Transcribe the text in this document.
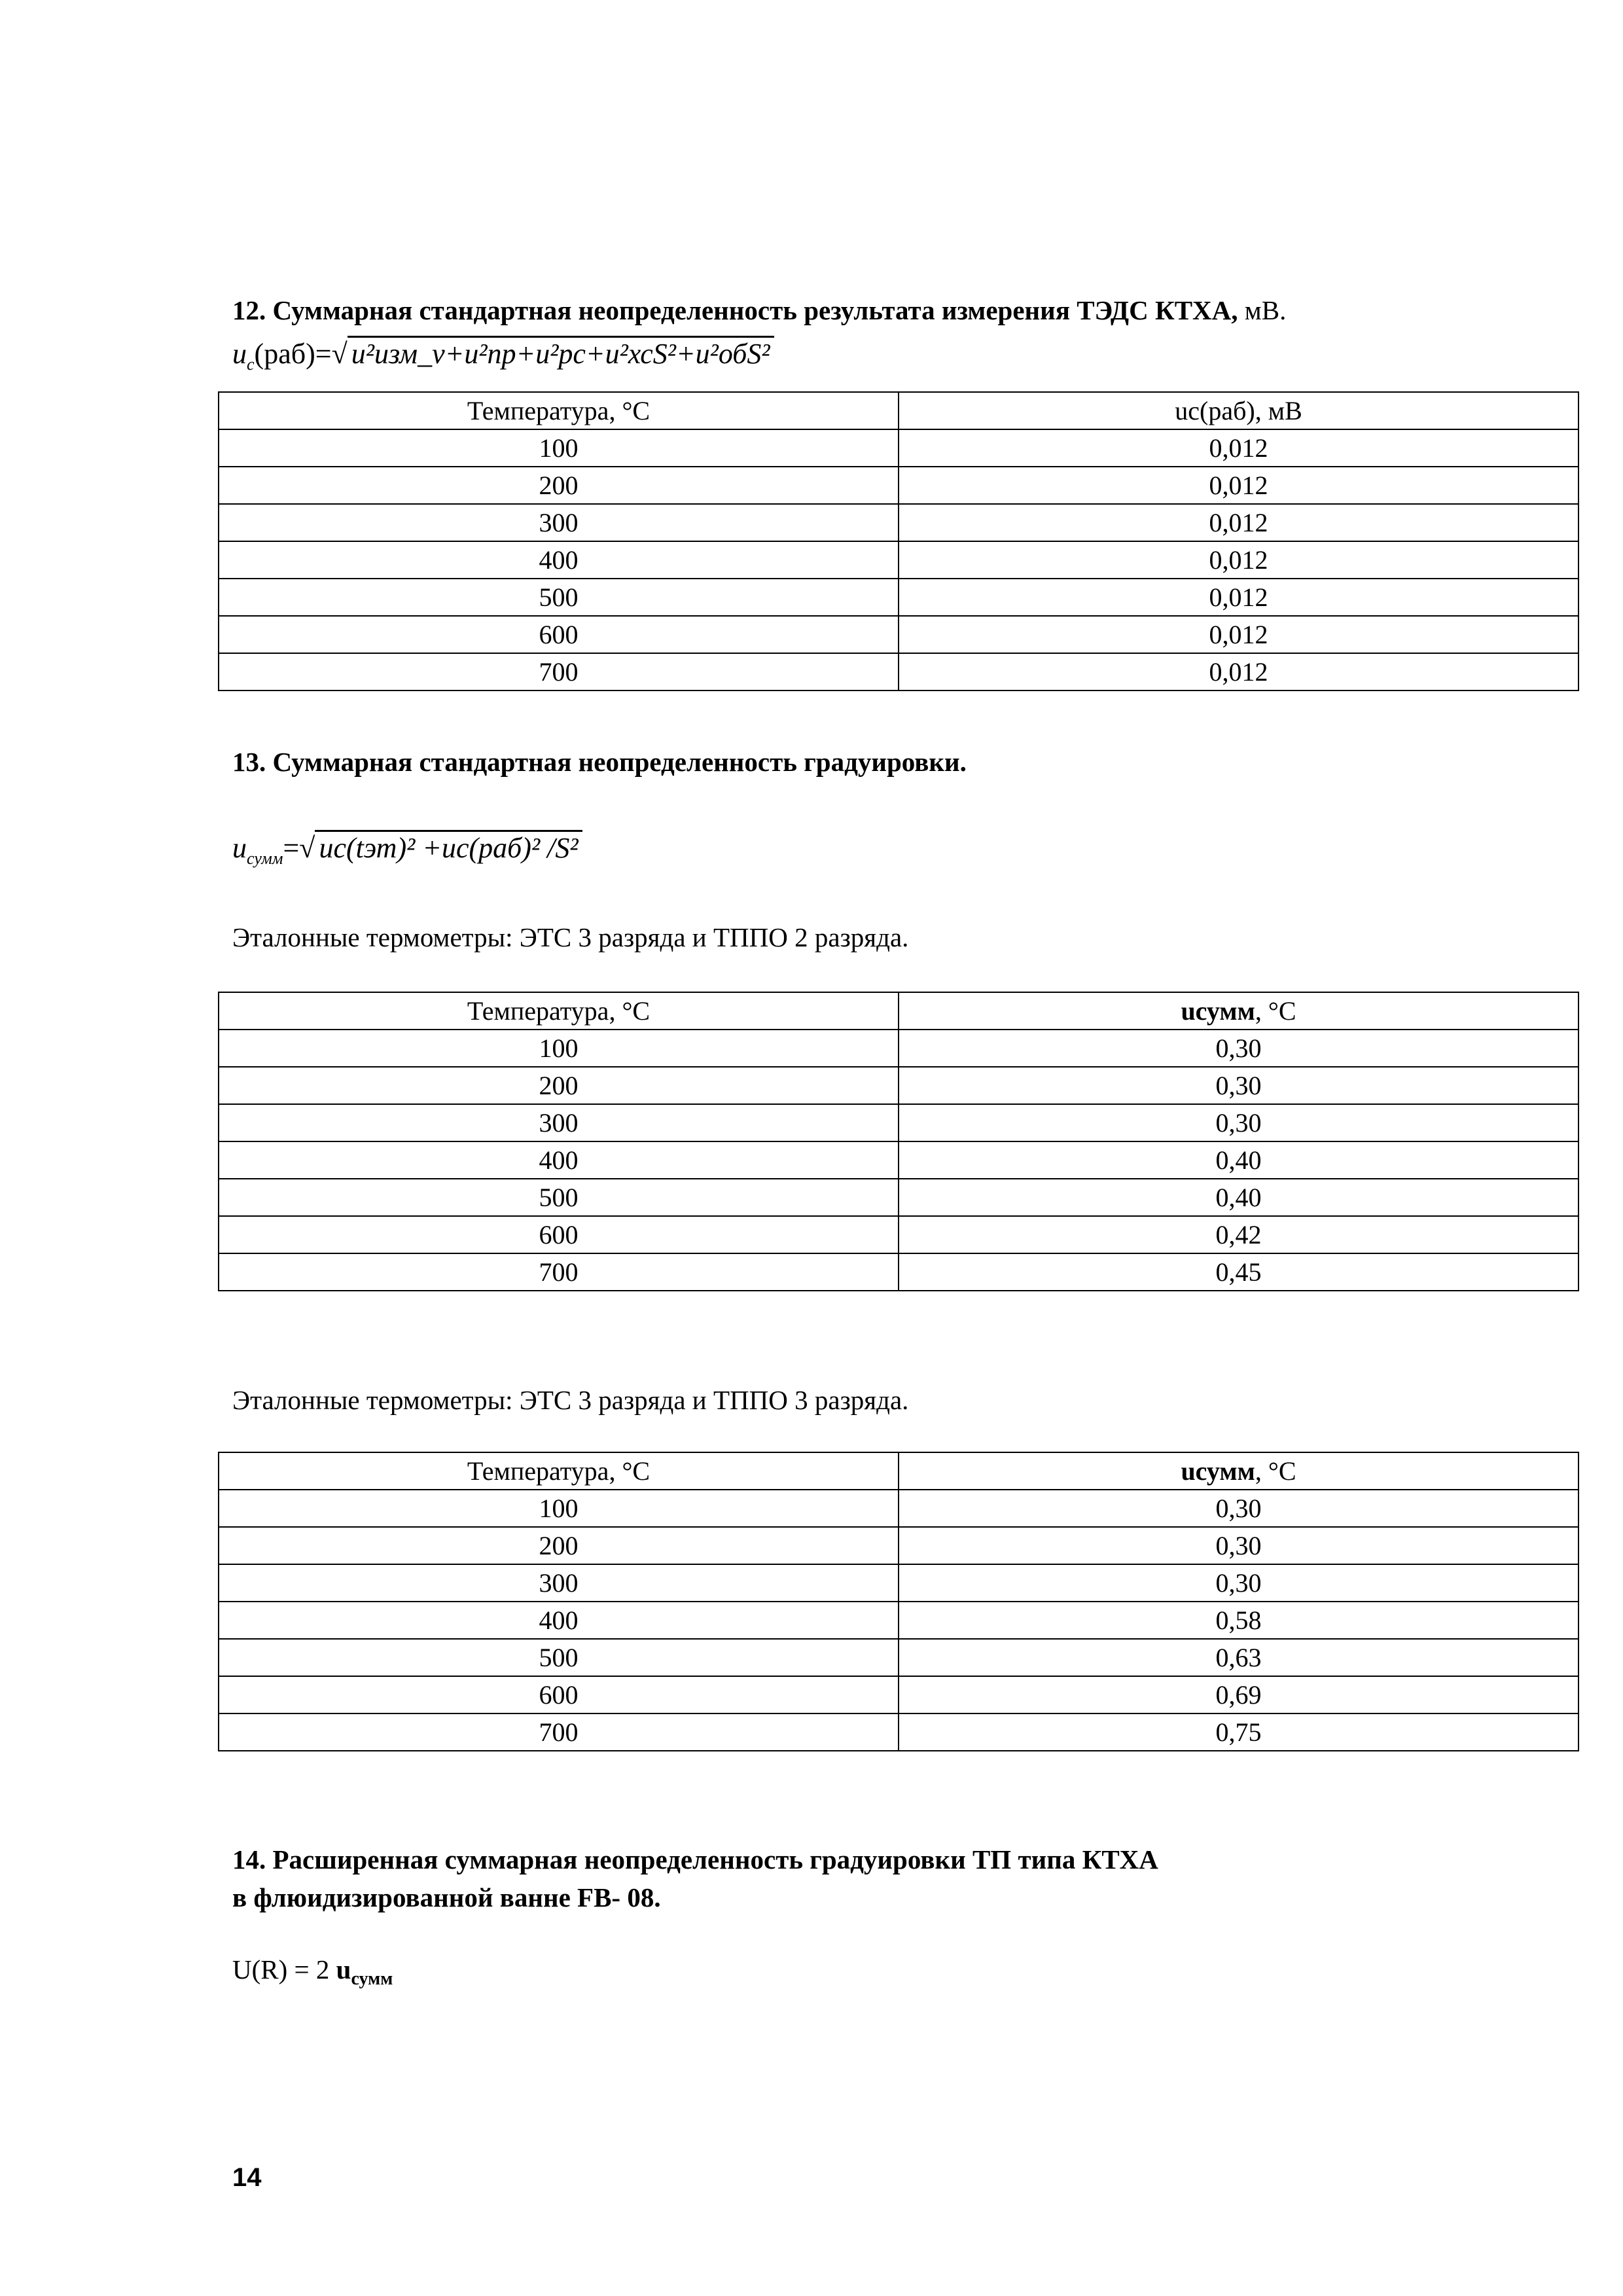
12. Суммарная стандартная неопределенность результата измерения ТЭДС КТХА, мВ.
$u_c(раб)=√$ u²изм_v+u²пр+u²рс+u²хсS²+u²обS²
Температура, °С	uс(раб), мВ
100	0,012
200	0,012
300	0,012
400	0,012
500	0,012
600	0,012
700	0,012
13. Суммарная стандартная неопределенность градуировки.
$u_{сумм}=√$ uс(tэт)² +uс(раб)² /S²
Эталонные термометры: ЭТС 3 разряда и ТППО 2 разряда.
Температура, °С	uсумм, °С
100	0,30
200	0,30
300	0,30
400	0,40
500	0,40
600	0,42
700	0,45
Эталонные термометры: ЭТС 3 разряда и ТППО 3 разряда.
Температура, °С	uсумм, °С
100	0,30
200	0,30
300	0,30
400	0,58
500	0,63
600	0,69
700	0,75
14. Расширенная суммарная неопределенность градуировки ТП типа КТХА
в флюидизированной ванне FB- 08.
U(R) = 2 $u_{сумм}$
14
